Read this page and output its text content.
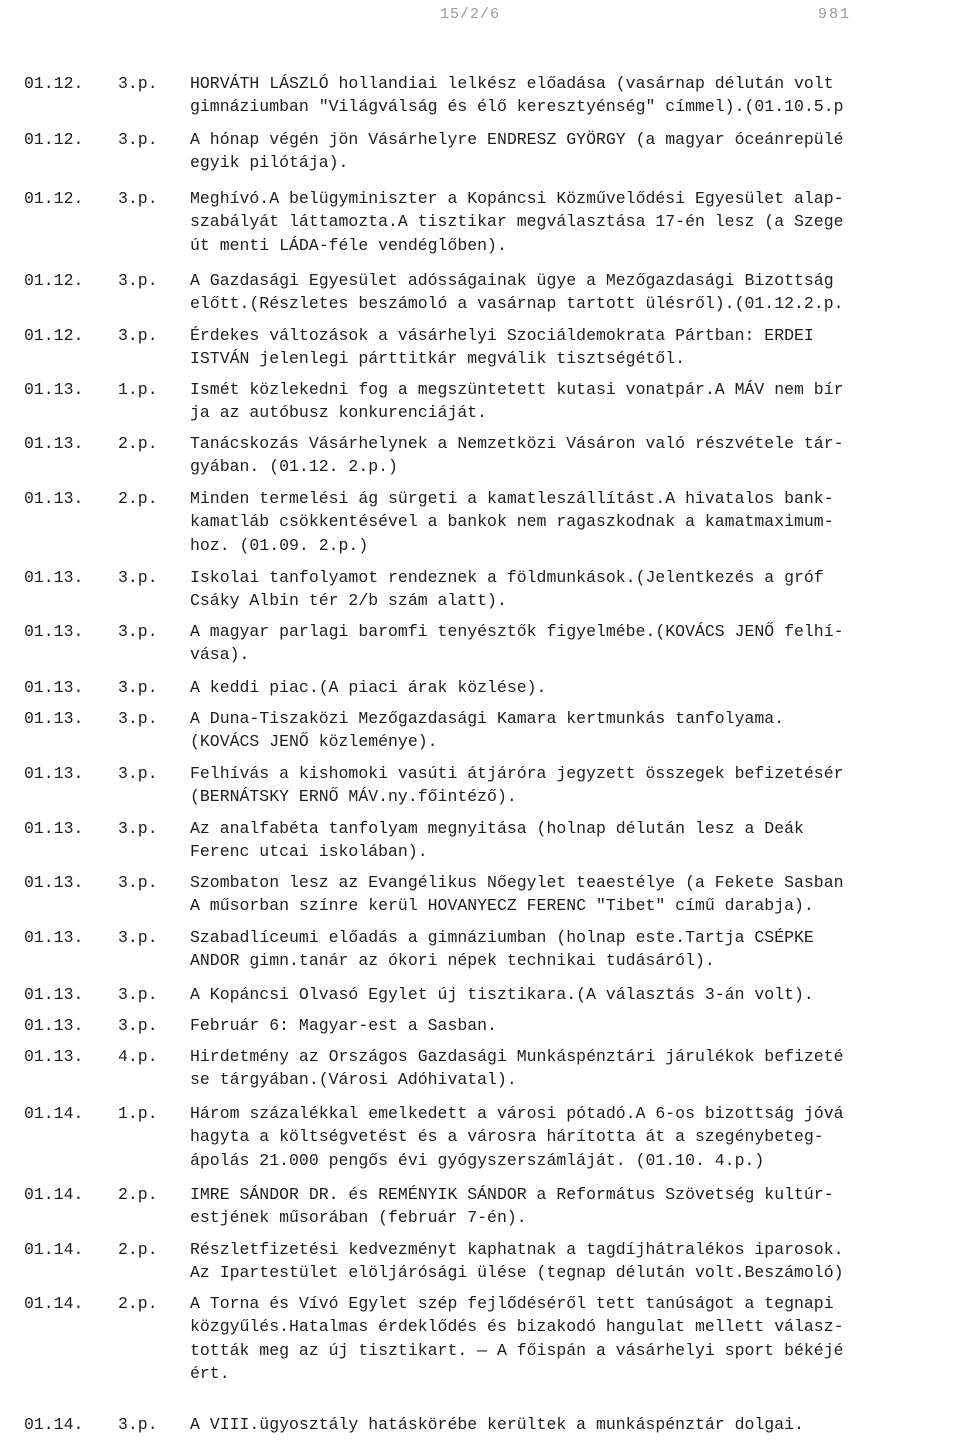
15/2/6	981
01.12. 3.p. HORVÁTH LÁSZLÓ hollandiai lelkész előadása (vasárnap délután volt
gimnáziumban "Világválság és élő keresztyénség" címmel).(01.10.5.p
01.12. 3.p. A hónap végén jön Vásárhelyre ENDRESZ GYÖRGY (a magyar óceánrepülé
egyik pilótája).
01.12. 3.p. Meghívó.A belügyminiszter a Kopáncsi Közművelődési Egyesület alap-
szabályát láttamozta.A tisztikar megválasztása 17-én lesz (a Szege
út menti LÁDA-féle vendéglőben).
01.12. 3.p. A Gazdasági Egyesület adósságainak ügye a Mezőgazdasági Bizottság
előtt.(Részletes beszámoló a vasárnap tartott ülésről).(01.12.2.p.
01.12. 3.p. Érdekes változások a vásárhelyi Szociáldemokrata Pártban: ERDEI
ISTVÁN jelenlegi párttitkár megválik tisztségétől.
01.13. 1.p. Ismét közlekedni fog a megszüntetett kutasi vonatpár.A MÁV nem bír
ja az autóbusz konkurenciáját.
01.13. 2.p. Tanácskozás Vásárhelynek a Nemzetközi Vásáron való részvétele tár-
gyában. (01.12. 2.p.)
01.13. 2.p. Minden termelési ág sürgeti a kamatleszállítást.A hivatalos bank-
kamatláb csökkentésével a bankok nem ragaszkodnak a kamatmaximum-
hoz. (01.09. 2.p.)
01.13. 3.p. Iskolai tanfolyamot rendeznek a földmunkások.(Jelentkezés a gróf
Csáky Albin tér 2/b szám alatt).
01.13. 3.p. A magyar parlagi baromfi tenyésztők figyelmébe.(KOVÁCS JENŐ felhí-
vása).
01.13. 3.p. A keddi piac.(A piaci árak közlése).
01.13. 3.p. A Duna-Tiszaközi Mezőgazdasági Kamara kertmunkás tanfolyama.
(KOVÁCS JENŐ közleménye).
01.13. 3.p. Felhívás a kishomoki vasúti átjáróra jegyzett összegek befizetésér
(BERNÁTSKY ERNŐ MÁV.ny.főintéző).
01.13. 3.p. Az analfabéta tanfolyam megnyitása (holnap délután lesz a Deák
Ferenc utcai iskolában).
01.13. 3.p. Szombaton lesz az Evangélikus Nőegylet teaestélye (a Fekete Sasban
A műsorban színre kerül HOVANYECZ FERENC "Tibet" című darabja).
01.13. 3.p. Szabadlíceumi előadás a gimnáziumban (holnap este.Tartja CSÉPKE
ANDOR gimn.tanár az ókori népek technikai tudásáról).
01.13. 3.p. A Kopáncsi Olvasó Egylet új tisztikara.(A választás 3-án volt).
01.13. 3.p. Február 6: Magyar-est a Sasban.
01.13. 4.p. Hirdetmény az Országos Gazdasági Munkáspénztári járulékok befizeté
se tárgyában.(Városi Adóhivatal).
01.14. 1.p. Három százalékkal emelkedett a városi pótadó.A 6-os bizottság jóvá
hagyta a költségvetést és a városra hárította át a szegénybeteg-
ápolás 21.000 pengős évi gyógyszerszámláját. (01.10. 4.p.)
01.14. 2.p. IMRE SÁNDOR DR. és REMÉNYIK SÁNDOR a Református Szövetség kultúr-
estjének műsorában (február 7-én).
01.14. 2.p. Részletfizetési kedvezményt kaphatnak a tagdíjhátralékos iparosok.
Az Ipartestület elöljárósági ülése (tegnap délután volt.Beszámoló)
01.14. 2.p. A Torna és Vívó Egylet szép fejlődéséről tett tanúságot a tegnapi
közgyűlés.Hatalmas érdeklődés és bizakodó hangulat mellett válasz-
tották meg az új tisztikart. — A főispán a vásárhelyi sport békéjé
ért.
01.14. 3.p. A VIII.ügyosztály hatáskörébe kerültek a munkáspénztár dolgai.
